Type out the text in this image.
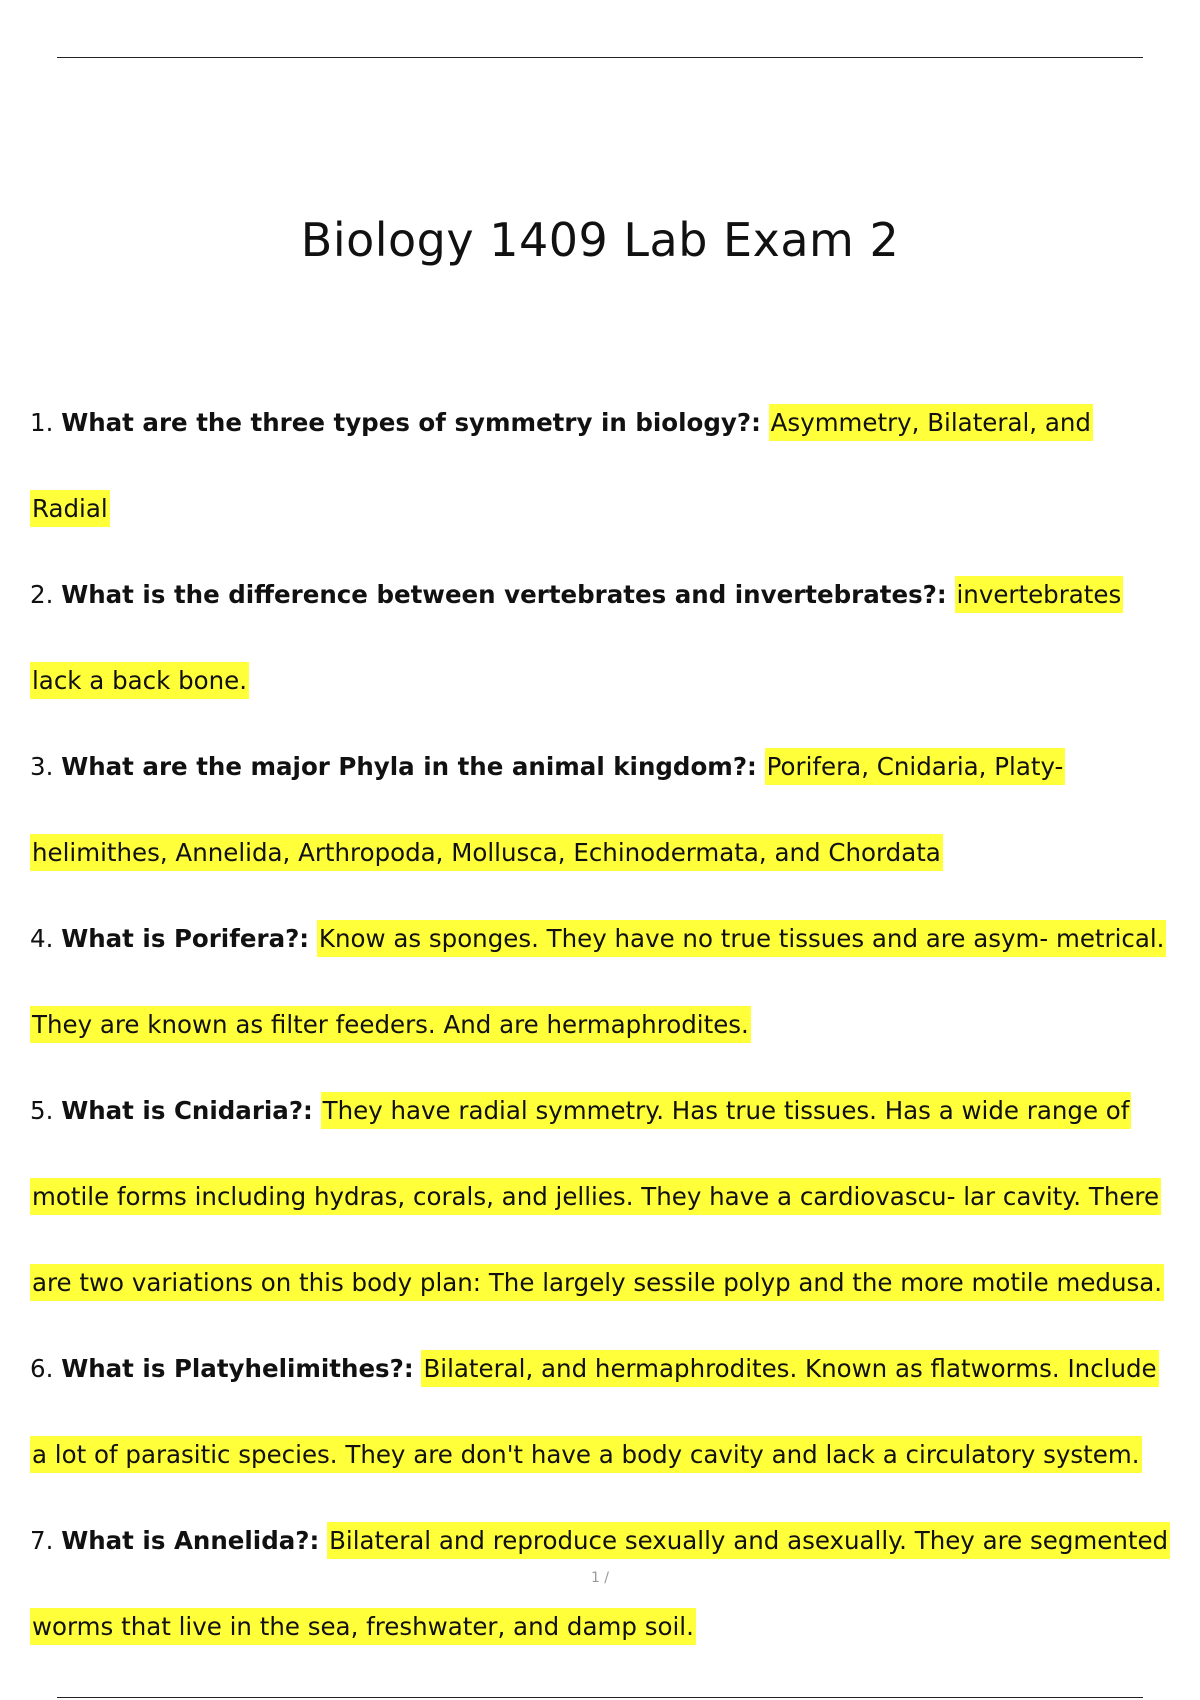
Biology 1409 Lab Exam 2
1. What are the three types of symmetry in biology?: Asymmetry, Bilateral, and Radial
2. What is the difference between vertebrates and invertebrates?: invertebrates lack a back bone.
3. What are the major Phyla in the animal kingdom?: Porifera, Cnidaria, Platy- helimithes, Annelida, Arthropoda, Mollusca, Echinodermata, and Chordata
4. What is Porifera?: Know as sponges. They have no true tissues and are asym- metrical. They are known as filter feeders. And are hermaphrodites.
5. What is Cnidaria?: They have radial symmetry. Has true tissues. Has a wide range of motile forms including hydras, corals, and jellies. They have a cardiovascu- lar cavity. There are two variations on this body plan: The largely sessile polyp and the more motile medusa.
6. What is Platyhelimithes?: Bilateral, and hermaphrodites. Known as flatworms. Include a lot of parasitic species. They are don't have a body cavity and lack a circulatory system.
7. What is Annelida?: Bilateral and reproduce sexually and asexually. They are segmented worms that live in the sea, freshwater, and damp soil.
1 /
